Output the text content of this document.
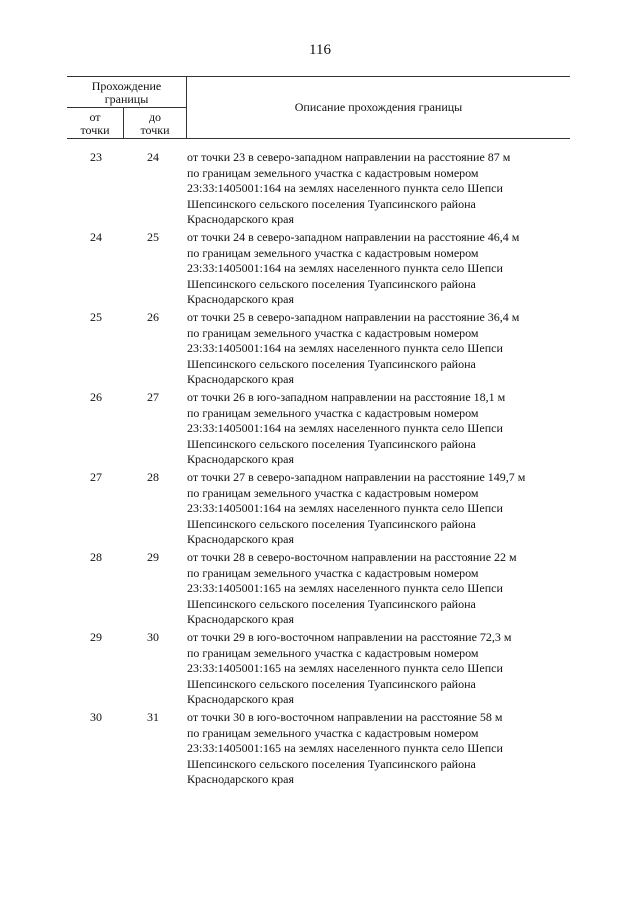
116
Прохождение
границы
от
точки
до
точки
Описание прохождения границы
23	24	от точки 23 в северо-западном направлении на расстояние 87 м
по границам земельного участка с кадастровым номером
23:33:1405001:164 на землях населенного пункта село Шепси
Шепсинского сельского поселения Туапсинского района
Краснодарского края
24	25	от точки 24 в северо-западном направлении на расстояние 46,4 м
по границам земельного участка с кадастровым номером
23:33:1405001:164 на землях населенного пункта село Шепси
Шепсинского сельского поселения Туапсинского района
Краснодарского края
25	26	от точки 25 в северо-западном направлении на расстояние 36,4 м
по границам земельного участка с кадастровым номером
23:33:1405001:164 на землях населенного пункта село Шепси
Шепсинского сельского поселения Туапсинского района
Краснодарского края
26	27	от точки 26 в юго-западном направлении на расстояние 18,1 м
по границам земельного участка с кадастровым номером
23:33:1405001:164 на землях населенного пункта село Шепси
Шепсинского сельского поселения Туапсинского района
Краснодарского края
27	28	от точки 27 в северо-западном направлении на расстояние 149,7 м
по границам земельного участка с кадастровым номером
23:33:1405001:164 на землях населенного пункта село Шепси
Шепсинского сельского поселения Туапсинского района
Краснодарского края
28	29	от точки 28 в северо-восточном направлении на расстояние 22 м
по границам земельного участка с кадастровым номером
23:33:1405001:165 на землях населенного пункта село Шепси
Шепсинского сельского поселения Туапсинского района
Краснодарского края
29	30	от точки 29 в юго-восточном направлении на расстояние 72,3 м
по границам земельного участка с кадастровым номером
23:33:1405001:165 на землях населенного пункта село Шепси
Шепсинского сельского поселения Туапсинского района
Краснодарского края
30	31	от точки 30 в юго-восточном направлении на расстояние 58 м
по границам земельного участка с кадастровым номером
23:33:1405001:165 на землях населенного пункта село Шепси
Шепсинского сельского поселения Туапсинского района
Краснодарского края
